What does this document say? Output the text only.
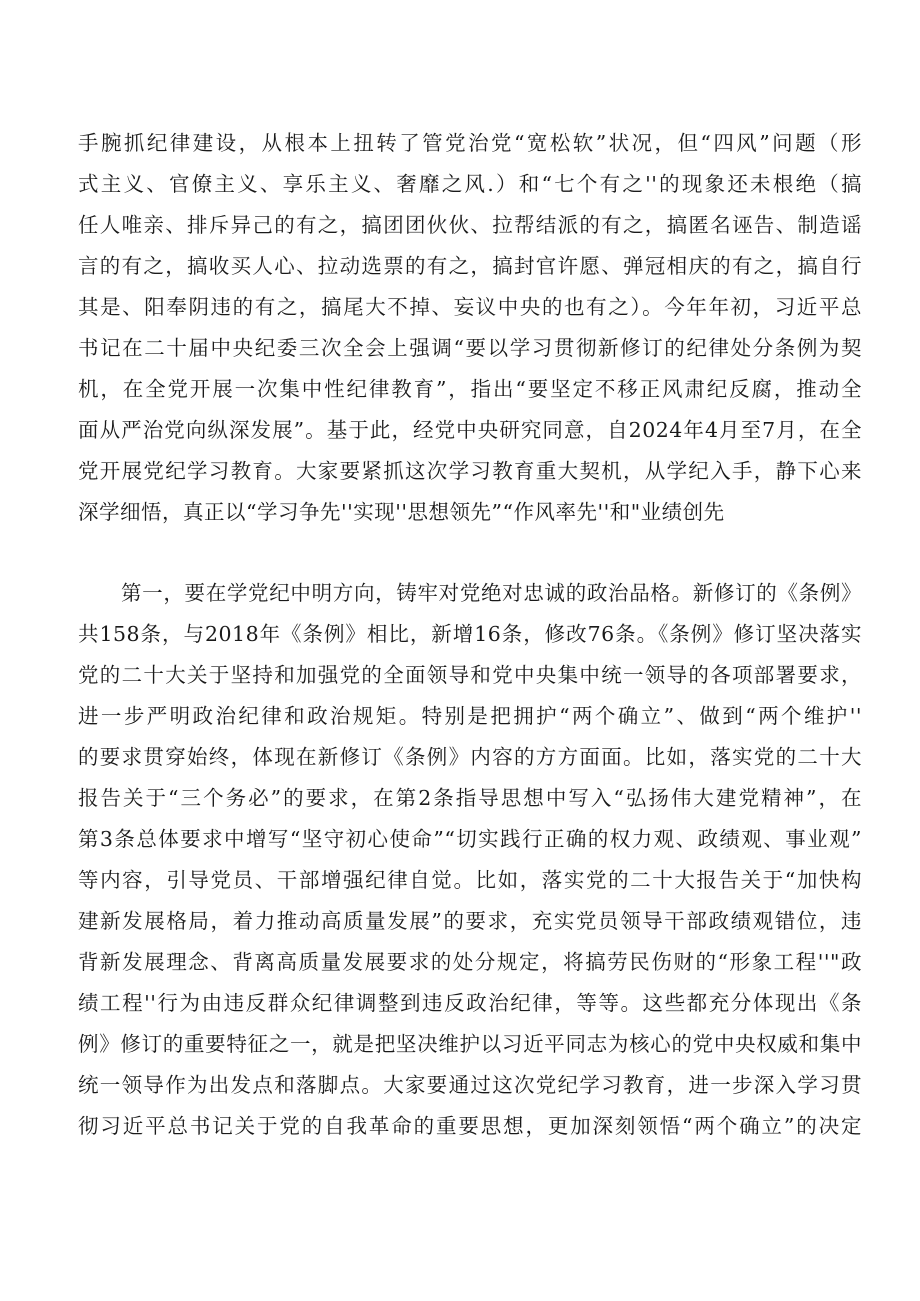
手腕抓纪律建设，从根本上扭转了管党治党“宽松软”状况，但“四风”问题（形
式主义、官僚主义、享乐主义、奢靡之风.）和“七个有之''的现象还未根绝（搞
任人唯亲、排斥异己的有之，搞团团伙伙、拉帮结派的有之，搞匿名诬告、制造谣
言的有之，搞收买人心、拉动选票的有之，搞封官许愿、弹冠相庆的有之，搞自行
其是、阳奉阴违的有之，搞尾大不掉、妄议中央的也有之）。今年年初，习近平总
书记在二十届中央纪委三次全会上强调“要以学习贯彻新修订的纪律处分条例为契
机，在全党开展一次集中性纪律教育”，指出“要坚定不移正风肃纪反腐，推动全
面从严治党向纵深发展”。基于此，经党中央研究同意，自2024年4月至7月，在全
党开展党纪学习教育。大家要紧抓这次学习教育重大契机，从学纪入手，静下心来
深学细悟，真正以“学习争先''实现''思想领先”“作风率先''和"业绩创先
第一，要在学党纪中明方向，铸牢对党绝对忠诚的政治品格。新修订的《条例》
共158条，与2018年《条例》相比，新增16条，修改76条。《条例》修订坚决落实
党的二十大关于坚持和加强党的全面领导和党中央集中统一领导的各项部署要求，
进一步严明政治纪律和政治规矩。特别是把拥护“两个确立”、做到“两个维护''
的要求贯穿始终，体现在新修订《条例》内容的方方面面。比如，落实党的二十大
报告关于“三个务必”的要求，在第2条指导思想中写入“弘扬伟大建党精神”，在
第3条总体要求中增写“坚守初心使命”“切实践行正确的权力观、政绩观、事业观”
等内容，引导党员、干部增强纪律自觉。比如，落实党的二十大报告关于“加快构
建新发展格局，着力推动高质量发展”的要求，充实党员领导干部政绩观错位，违
背新发展理念、背离高质量发展要求的处分规定，将搞劳民伤财的“形象工程''"政
绩工程''行为由违反群众纪律调整到违反政治纪律，等等。这些都充分体现出《条
例》修订的重要特征之一，就是把坚决维护以习近平同志为核心的党中央权威和集中
统一领导作为出发点和落脚点。大家要通过这次党纪学习教育，进一步深入学习贯
彻习近平总书记关于党的自我革命的重要思想，更加深刻领悟“两个确立”的决定
